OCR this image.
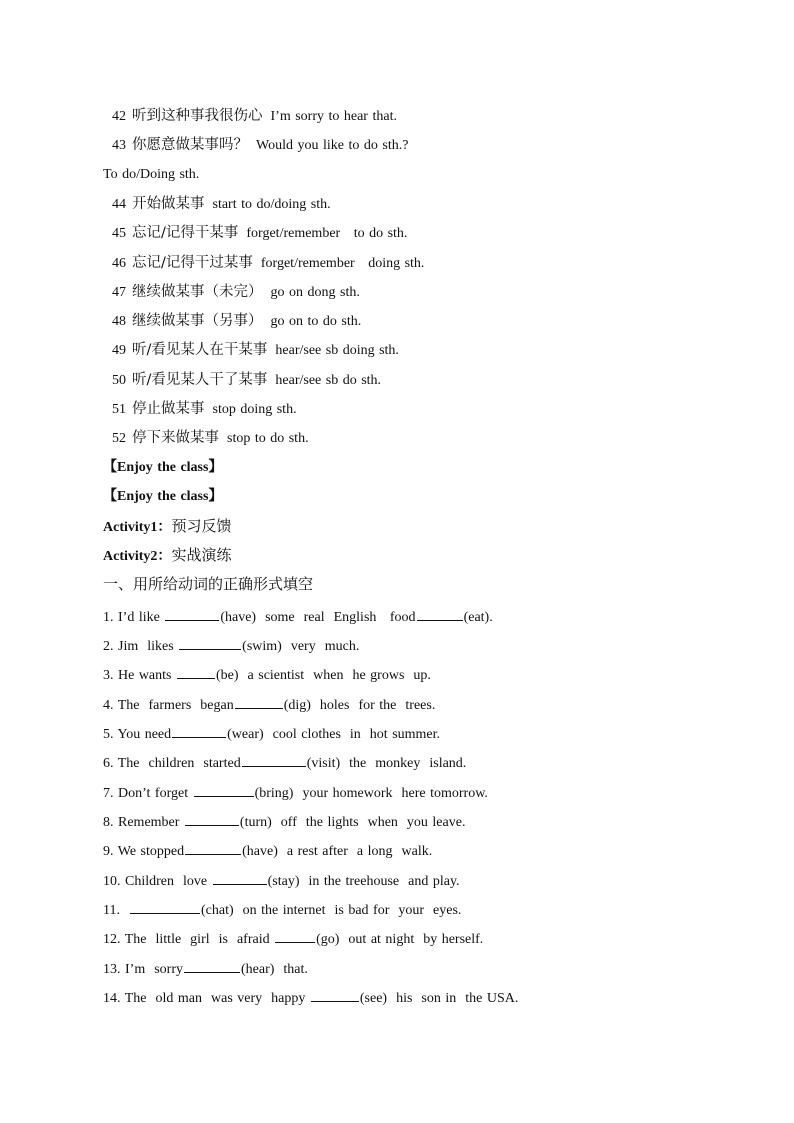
42 听到这种事我很伤心 I’m sorry to hear that.
43 你愿意做某事吗？ Would you like to do sth.?
To do/Doing sth.
44 开始做某事 start to do/doing sth.
45 忘记/记得干某事 forget/remember   to do sth.
46 忘记/记得干过某事 forget/remember   doing sth.
47 继续做某事（未完） go on dong sth.
48 继续做某事（另事） go on to do sth.
49 听/看见某人在干某事 hear/see sb doing sth.
50 听/看见某人干了某事 hear/see sb do sth.
51 停止做某事 stop doing sth.
52 停下来做某事 stop to do sth.
【Enjoy the class】
【Enjoy the class】
Activity1：预习反馈
Activity2：实战演练
一、用所给动词的正确形式填空
1. I’d like	(have)  some  real  English   food	(eat).
2. Jim  likes	(swim)  very  much.
3. He wants	(be)  a scientist  when  he grows  up.
4. The  farmers  began	(dig)  holes  for the  trees.
5. You need	(wear)  cool clothes  in  hot summer.
6. The  children  started	(visit)  the  monkey  island.
7. Don’t forget	(bring)  your homework  here tomorrow.
8. Remember	(turn)  off  the lights  when  you leave.
9. We stopped	(have)  a rest after  a long  walk.
10. Children  love	(stay)  in the treehouse  and play.
11.	(chat)  on the internet  is bad for  your  eyes.
12. The  little  girl  is  afraid	(go)  out at night  by herself.
13. I’m  sorry	(hear)  that.
14. The  old man  was very  happy	(see)  his  son in  the USA.
